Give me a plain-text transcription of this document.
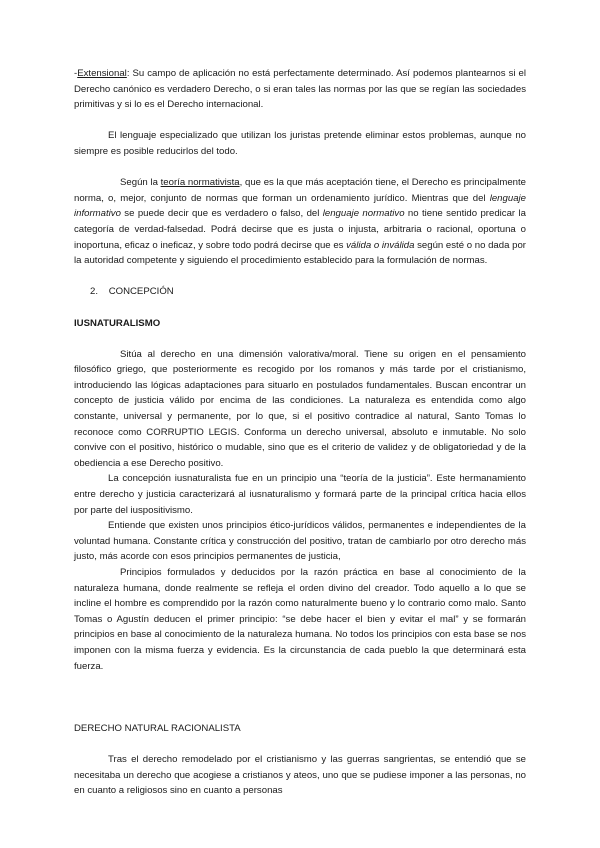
-Extensional: Su campo de aplicación no está perfectamente determinado. Así podemos plantearnos si el Derecho canónico es verdadero Derecho, o si eran tales las normas por las que se regían las sociedades primitivas y si lo es el Derecho internacional.

El lenguaje especializado que utilizan los juristas pretende eliminar estos problemas, aunque no siempre es posible reducirlos del todo.

Según la teoría normativista, que es la que más aceptación tiene, el Derecho es principalmente norma, o, mejor, conjunto de normas que forman un ordenamiento jurídico. Mientras que del lenguaje informativo se puede decir que es verdadero o falso, del lenguaje normativo no tiene sentido predicar la categoría de verdad-falsedad. Podrá decirse que es justa o injusta, arbitraria o racional, oportuna o inoportuna, eficaz o ineficaz, y sobre todo podrá decirse que es válida o inválida según esté o no dada por la autoridad competente y siguiendo el procedimiento establecido para la formulación de normas.

2. CONCEPCIÓN

IUSNATURALISMO

Sitúa al derecho en una dimensión valorativa/moral. Tiene su origen en el pensamiento filosófico griego, que posteriormente es recogido por los romanos y más tarde por el cristianismo, introduciendo las lógicas adaptaciones para situarlo en postulados fundamentales. Buscan encontrar un concepto de justicia válido por encima de las condiciones. La naturaleza es entendida como algo constante, universal y permanente, por lo que, si el positivo contradice al natural, Santo Tomas lo reconoce como CORRUPTIO LEGIS. Conforma un derecho universal, absoluto e inmutable. No solo convive con el positivo, histórico o mudable, sino que es el criterio de validez y de obligatoriedad y de la obediencia a ese Derecho positivo.

La concepción iusnaturalista fue en un principio una “teoría de la justicia”. Este hermanamiento entre derecho y justicia caracterizará al iusnaturalismo y formará parte de la principal crítica hacia ellos por parte del iuspositivismo.

Entiende que existen unos principios ético-jurídicos válidos, permanentes e independientes de la voluntad humana. Constante crítica y construcción del positivo, tratan de cambiarlo por otro derecho más justo, más acorde con esos principios permanentes de justicia,

Principios formulados y deducidos por la razón práctica en base al conocimiento de la naturaleza humana, donde realmente se refleja el orden divino del creador. Todo aquello a lo que se incline el hombre es comprendido por la razón como naturalmente bueno y lo contrario como malo. Santo Tomas o Agustín deducen el primer principio: “se debe hacer el bien y evitar el mal” y se formarán principios en base al conocimiento de la naturaleza humana. No todos los principios con esta base se nos imponen con la misma fuerza y evidencia. Es la circunstancia de cada pueblo la que determinará esta fuerza.

DERECHO NATURAL RACIONALISTA

Tras el derecho remodelado por el cristianismo y las guerras sangrientas, se entendió que se necesitaba un derecho que acogiese a cristianos y ateos, uno que se pudiese imponer a las personas, no en cuanto a religiosos sino en cuanto a personas
